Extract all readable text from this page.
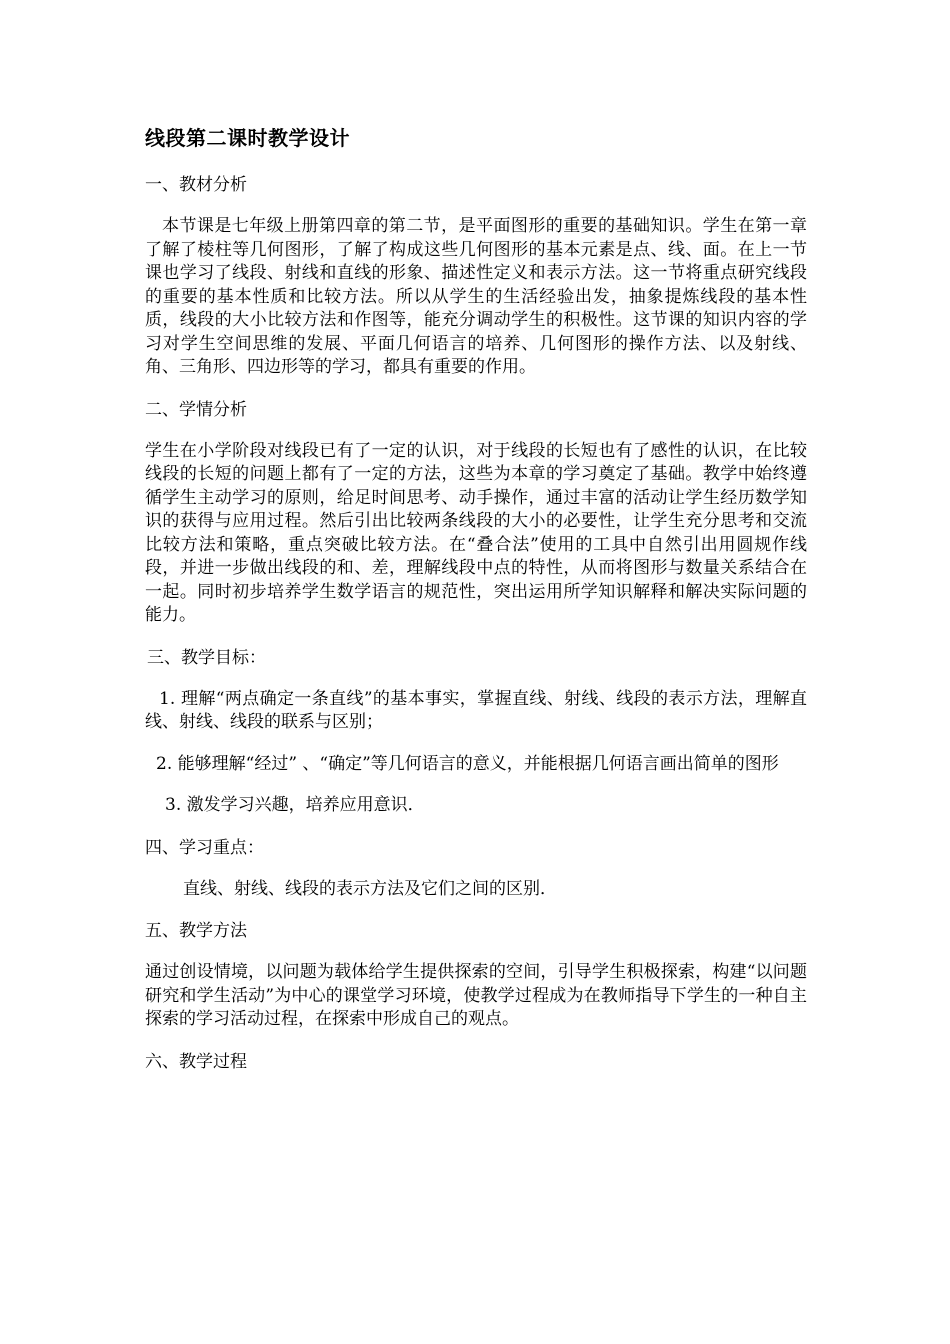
线段第二课时教学设计
一、教材分析
本节课是七年级上册第四章的第二节，是平面图形的重要的基础知识。学生在第一章了解了棱柱等几何图形，了解了构成这些几何图形的基本元素是点、线、面。在上一节课也学习了线段、射线和直线的形象、描述性定义和表示方法。这一节将重点研究线段的重要的基本性质和比较方法。所以从学生的生活经验出发，抽象提炼线段的基本性质，线段的大小比较方法和作图等，能充分调动学生的积极性。这节课的知识内容的学习对学生空间思维的发展、平面几何语言的培养、几何图形的操作方法、以及射线、角、三角形、四边形等的学习，都具有重要的作用。
二、学情分析
学生在小学阶段对线段已有了一定的认识，对于线段的长短也有了感性的认识，在比较线段的长短的问题上都有了一定的方法，这些为本章的学习奠定了基础。教学中始终遵循学生主动学习的原则，给足时间思考、动手操作，通过丰富的活动让学生经历数学知识的获得与应用过程。然后引出比较两条线段的大小的必要性，让学生充分思考和交流比较方法和策略，重点突破比较方法。在“叠合法”使用的工具中自然引出用圆规作线段，并进一步做出线段的和、差，理解线段中点的特性，从而将图形与数量关系结合在一起。同时初步培养学生数学语言的规范性，突出运用所学知识解释和解决实际问题的能力。
三、教学目标：
1. 理解“两点确定一条直线”的基本事实，掌握直线、射线、线段的表示方法，理解直线、射线、线段的联系与区别；
2. 能够理解“经过” 、“确定”等几何语言的意义，并能根据几何语言画出简单的图形
3. 激发学习兴趣，培养应用意识．
四、学习重点：
直线、射线、线段的表示方法及它们之间的区别．
五、教学方法
通过创设情境，以问题为载体给学生提供探索的空间，引导学生积极探索，构建“以问题研究和学生活动”为中心的课堂学习环境，使教学过程成为在教师指导下学生的一种自主探索的学习活动过程，在探索中形成自己的观点。
六、教学过程
